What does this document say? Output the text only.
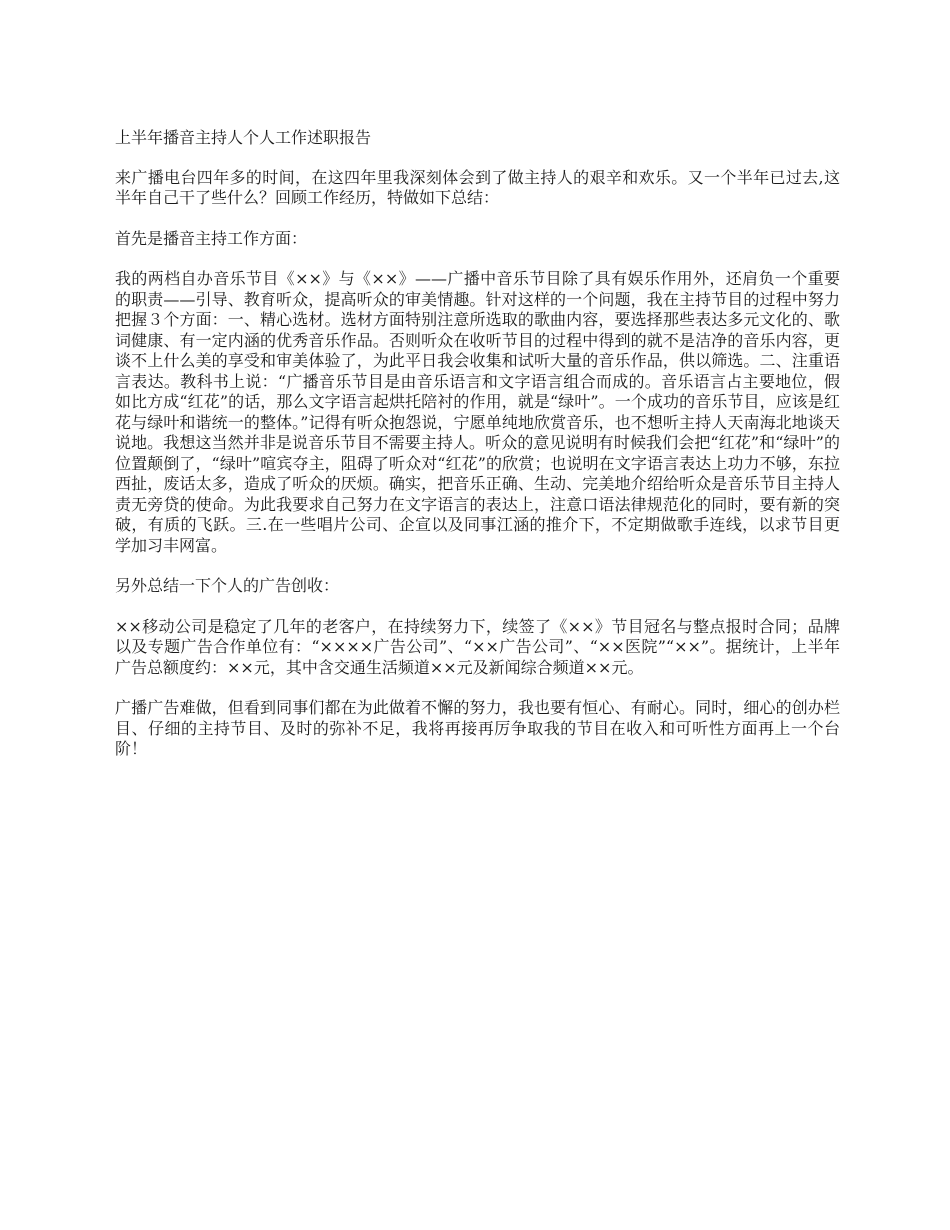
上半年播音主持人个人工作述职报告

来广播电台四年多的时间，在这四年里我深刻体会到了做主持人的艰辛和欢乐。又一个半年已过去,这半年自己干了些什么？回顾工作经历，特做如下总结：

首先是播音主持工作方面：

我的两档自办音乐节目《××》与《××》——广播中音乐节目除了具有娱乐作用外，还肩负一个重要的职责——引导、教育听众，提高听众的审美情趣。针对这样的一个问题，我在主持节目的过程中努力把握３个方面：一、精心选材。选材方面特别注意所选取的歌曲内容，要选择那些表达多元文化的、歌词健康、有一定内涵的优秀音乐作品。否则听众在收听节目的过程中得到的就不是洁净的音乐内容，更谈不上什么美的享受和审美体验了，为此平日我会收集和试听大量的音乐作品，供以筛选。二、注重语言表达。教科书上说：“广播音乐节目是由音乐语言和文字语言组合而成的。音乐语言占主要地位，假如比方成“红花”的话，那么文字语言起烘托陪衬的作用，就是“绿叶”。一个成功的音乐节目，应该是红花与绿叶和谐统一的整体。”记得有听众抱怨说，宁愿单纯地欣赏音乐，也不想听主持人天南海北地谈天说地。我想这当然并非是说音乐节目不需要主持人。听众的意见说明有时候我们会把“红花”和“绿叶”的位置颠倒了，“绿叶”喧宾夺主，阻碍了听众对“红花”的欣赏；也说明在文字语言表达上功力不够，东拉西扯，废话太多，造成了听众的厌烦。确实，把音乐正确、生动、完美地介绍给听众是音乐节目主持人责无旁贷的使命。为此我要求自己努力在文字语言的表达上，注意口语法律规范化的同时，要有新的突破，有质的飞跃。三.在一些唱片公司、企宣以及同事江涵的推介下，不定期做歌手连线，以求节目更学加习丰网富。

另外总结一下个人的广告创收：

××移动公司是稳定了几年的老客户，在持续努力下，续签了《××》节目冠名与整点报时合同；品牌以及专题广告合作单位有：“××××广告公司”、“××广告公司”、“××医院”“××”。据统计，上半年广告总额度约：××元，其中含交通生活频道××元及新闻综合频道××元。

广播广告难做，但看到同事们都在为此做着不懈的努力，我也要有恒心、有耐心。同时，细心的创办栏目、仔细的主持节目、及时的弥补不足，我将再接再厉争取我的节目在收入和可听性方面再上一个台阶！
